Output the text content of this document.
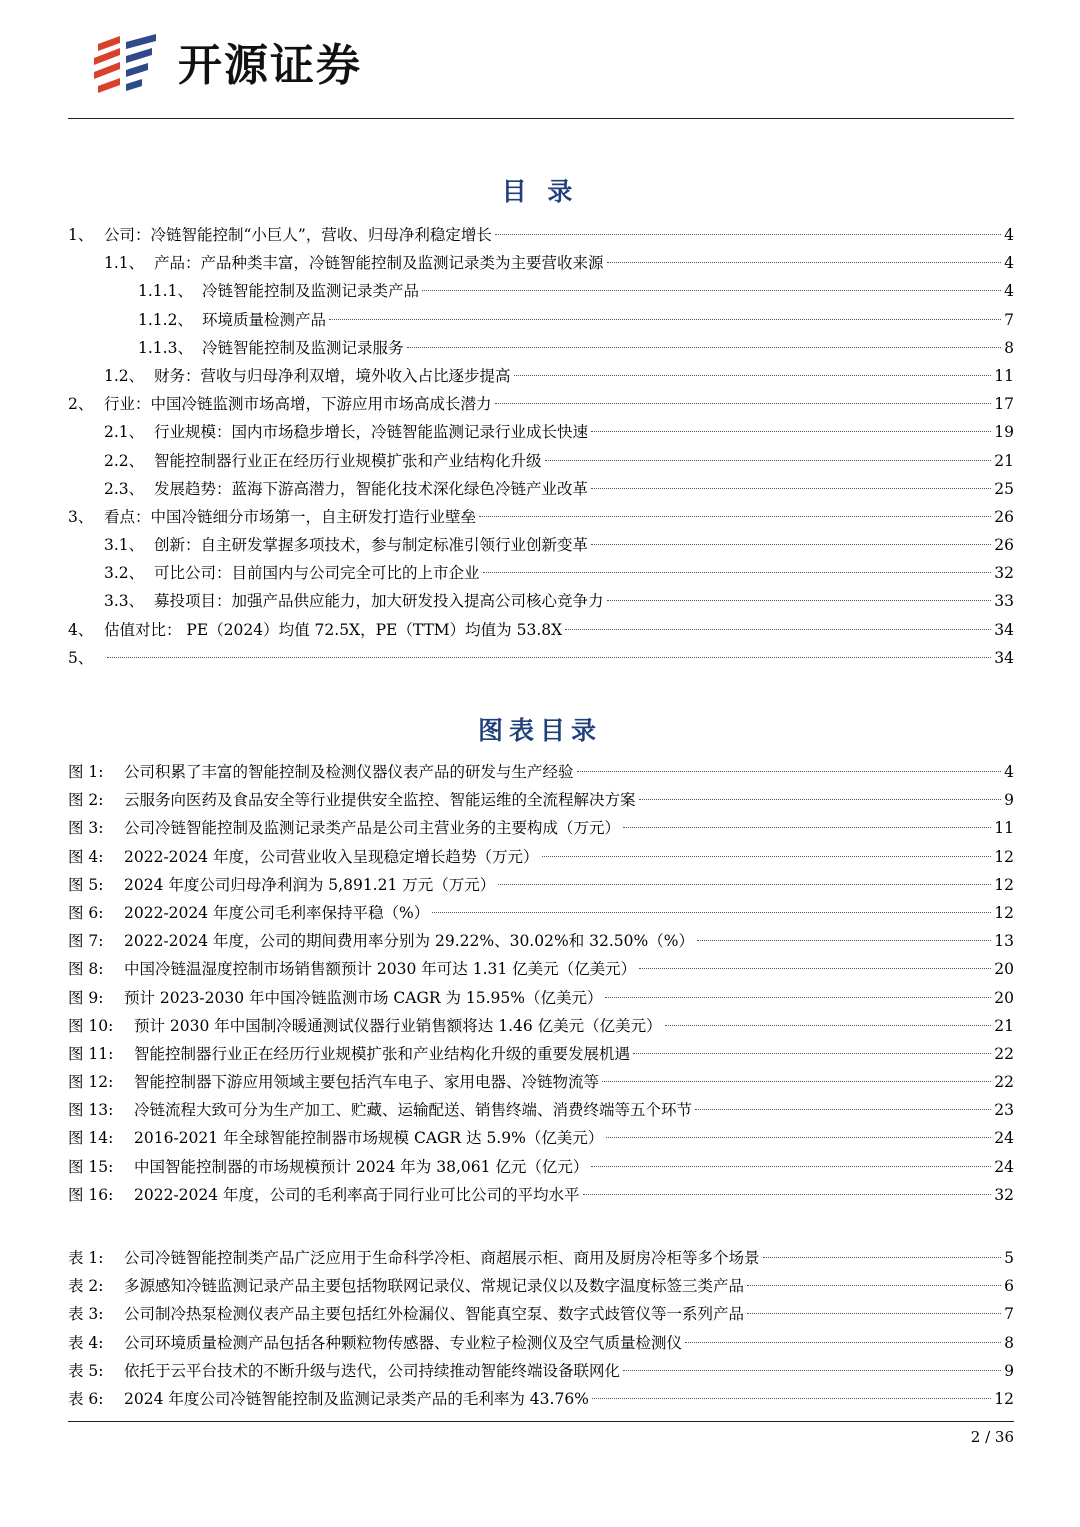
开源证券
目 录
1、 公司：冷链智能控制“小巨人”，营收、归母净利稳定增长	4
1.1、 产品：产品种类丰富，冷链智能控制及监测记录类为主要营收来源	4
1.1.1、 冷链智能控制及监测记录类产品	4
1.1.2、 环境质量检测产品	7
1.1.3、 冷链智能控制及监测记录服务	8
1.2、 财务：营收与归母净利双增，境外收入占比逐步提高	11
2、 行业：中国冷链监测市场高增，下游应用市场高成长潜力	17
2.1、 行业规模：国内市场稳步增长，冷链智能监测记录行业成长快速	19
2.2、 智能控制器行业正在经历行业规模扩张和产业结构化升级	21
2.3、 发展趋势：蓝海下游高潜力，智能化技术深化绿色冷链产业改革	25
3、 看点：中国冷链细分市场第一，自主研发打造行业壁垒	26
3.1、 创新：自主研发掌握多项技术，参与制定标准引领行业创新变革	26
3.2、 可比公司：目前国内与公司完全可比的上市企业	32
3.3、 募投项目：加强产品供应能力，加大研发投入提高公司核心竞争力	33
4、 估值对比： PE（2024）均值 72.5X，PE（TTM）均值为 53.8X	34
5、	34
图表目录
图 1:	公司积累了丰富的智能控制及检测仪器仪表产品的研发与生产经验	4
图 2:	云服务向医药及食品安全等行业提供安全监控、智能运维的全流程解决方案	9
图 3:	公司冷链智能控制及监测记录类产品是公司主营业务的主要构成（万元）	11
图 4:	2022-2024 年度，公司营业收入呈现稳定增长趋势（万元）	12
图 5:	2024 年度公司归母净利润为 5,891.21 万元（万元）	12
图 6:	2022-2024 年度公司毛利率保持平稳（%）	12
图 7:	2022-2024 年度，公司的期间费用率分别为 29.22%、30.02%和 32.50%（%）	13
图 8:	中国冷链温湿度控制市场销售额预计 2030 年可达 1.31 亿美元（亿美元）	20
图 9:	预计 2023-2030 年中国冷链监测市场 CAGR 为 15.95%（亿美元）	20
图 10:	预计 2030 年中国制冷暖通测试仪器行业销售额将达 1.46 亿美元（亿美元）	21
图 11:	智能控制器行业正在经历行业规模扩张和产业结构化升级的重要发展机遇	22
图 12:	智能控制器下游应用领域主要包括汽车电子、家用电器、冷链物流等	22
图 13:	冷链流程大致可分为生产加工、贮藏、运输配送、销售终端、消费终端等五个环节	23
图 14:	2016-2021 年全球智能控制器市场规模 CAGR 达 5.9%（亿美元）	24
图 15:	中国智能控制器的市场规模预计 2024 年为 38,061 亿元（亿元）	24
图 16:	2022-2024 年度，公司的毛利率高于同行业可比公司的平均水平	32
表 1:	公司冷链智能控制类产品广泛应用于生命科学冷柜、商超展示柜、商用及厨房冷柜等多个场景	5
表 2:	多源感知冷链监测记录产品主要包括物联网记录仪、常规记录仪以及数字温度标签三类产品	6
表 3:	公司制冷热泵检测仪表产品主要包括红外检漏仪、智能真空泵、数字式歧管仪等一系列产品	7
表 4:	公司环境质量检测产品包括各种颗粒物传感器、专业粒子检测仪及空气质量检测仪	8
表 5:	依托于云平台技术的不断升级与迭代，公司持续推动智能终端设备联网化	9
表 6:	2024 年度公司冷链智能控制及监测记录类产品的毛利率为 43.76%	12
2 / 36
